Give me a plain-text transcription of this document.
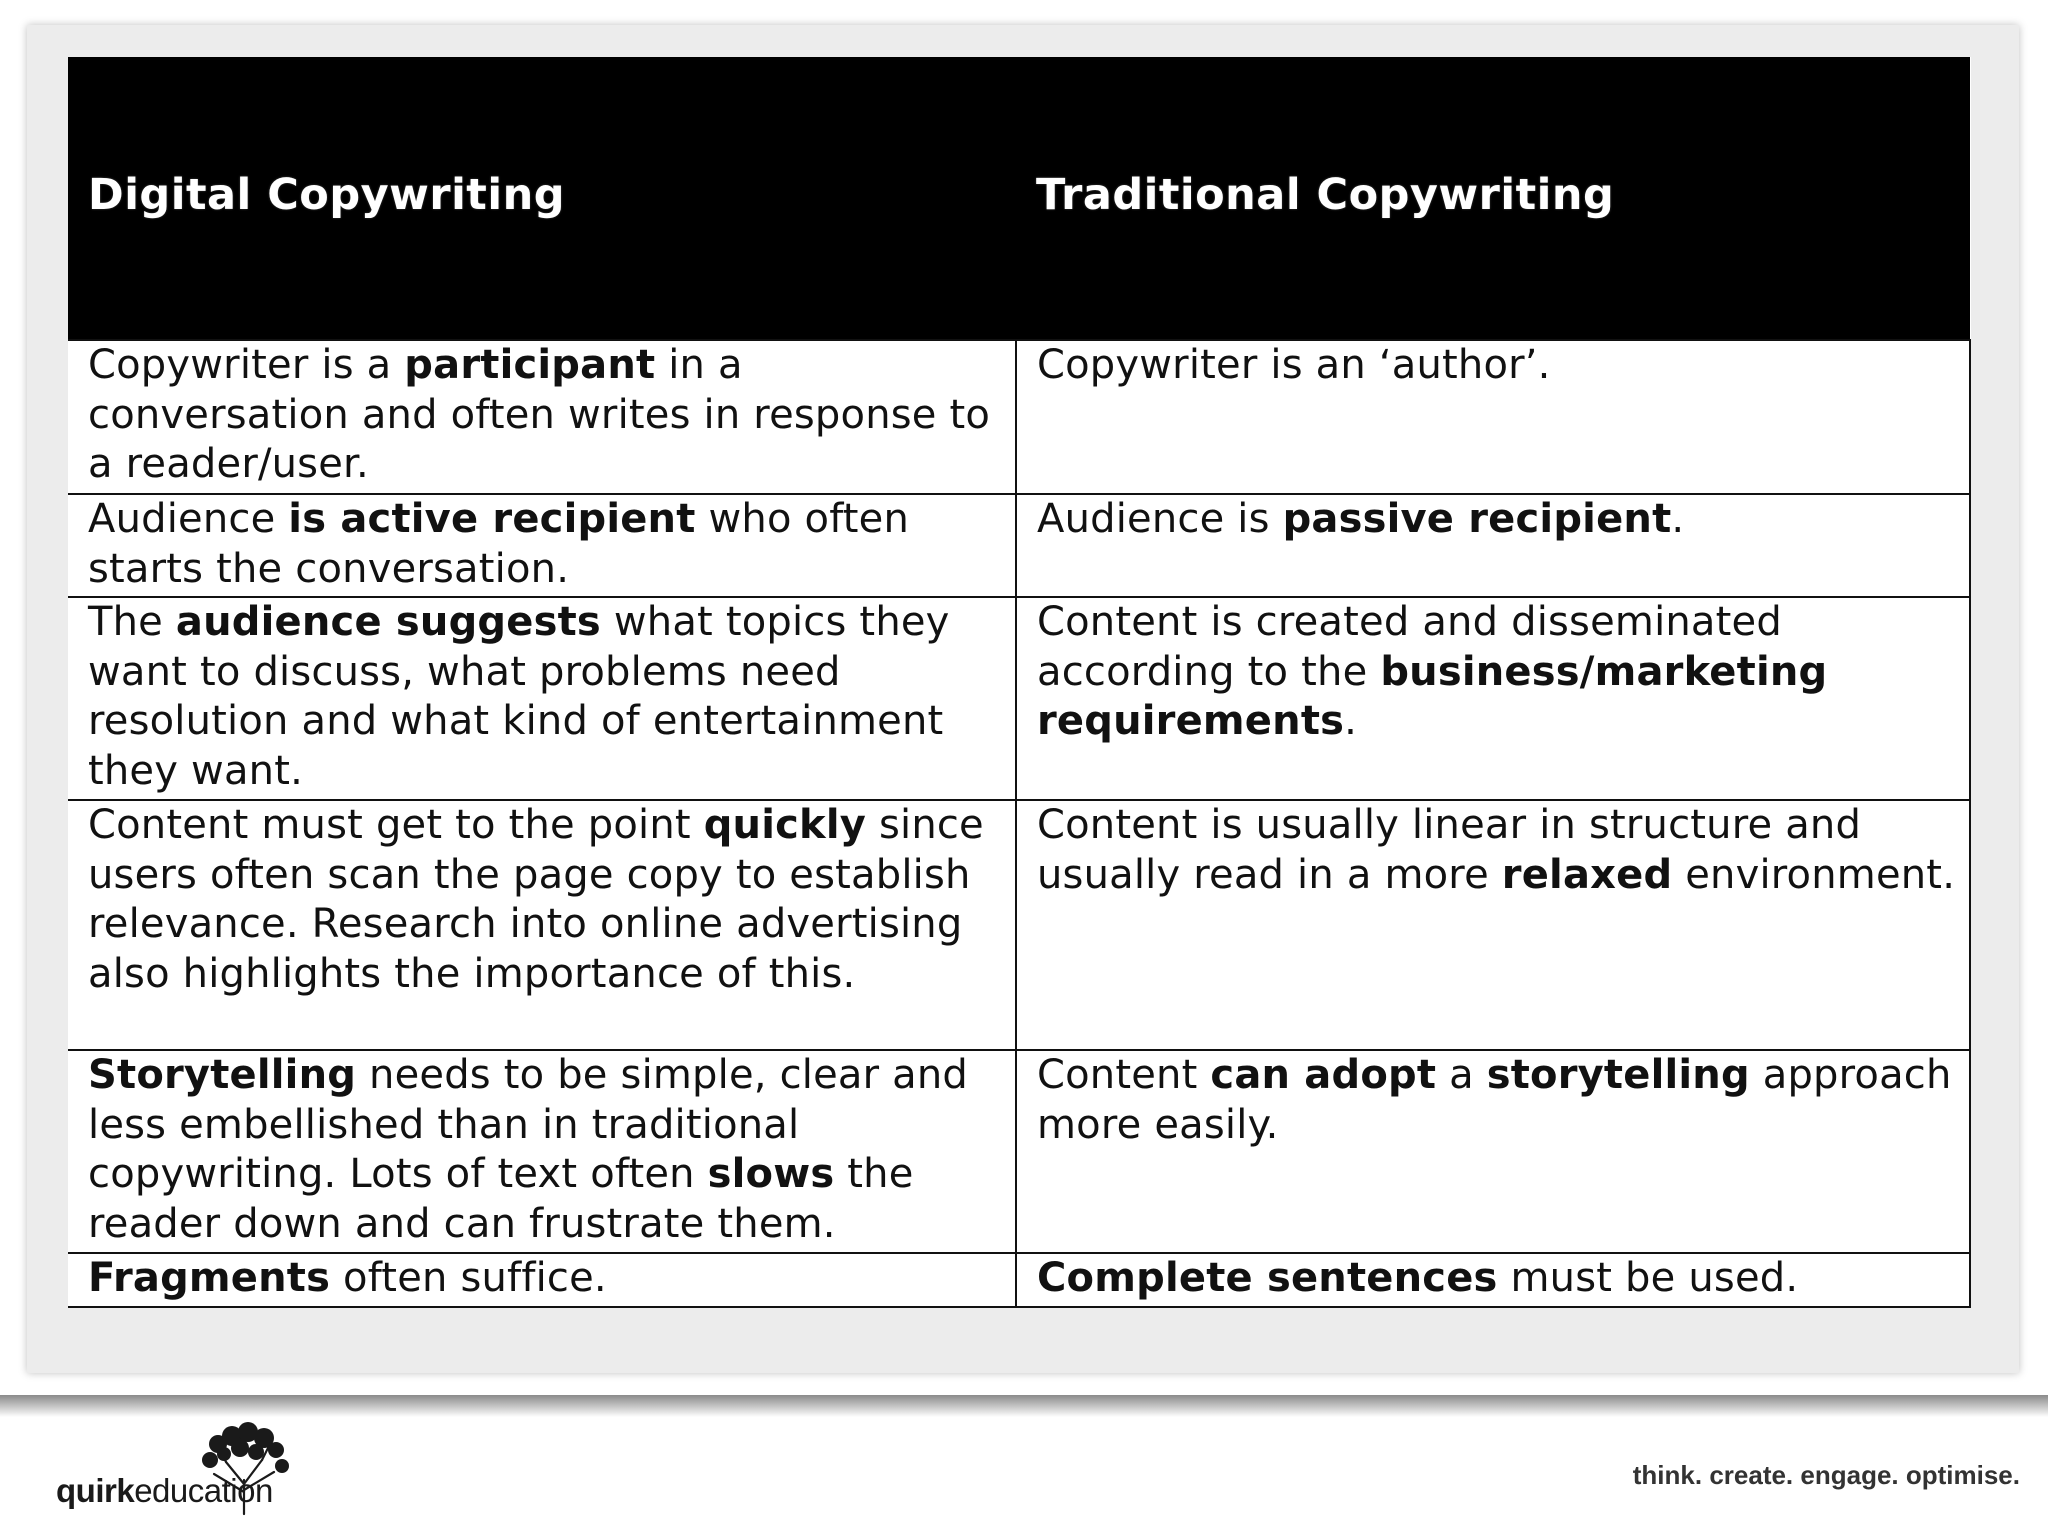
Digital Copywriting	Traditional Copywriting
Copywriter is a participant in a conversation and often writes in response to a reader/user.	Copywriter is an ‘author’.
Audience is active recipient who often starts the conversation.	Audience is passive recipient.
The audience suggests what topics they want to discuss, what problems need resolution and what kind of entertainment they want.	Content is created and disseminated according to the business/marketing requirements.
Content must get to the point quickly since users often scan the page copy to establish relevance. Research into online advertising also highlights the importance of this.	Content is usually linear in structure and usually read in a more relaxed environment.
Storytelling needs to be simple, clear and less embellished than in traditional copywriting. Lots of text often slows the reader down and can frustrate them.	Content can adopt a storytelling approach more easily.
Fragments often suffice.	Complete sentences must be used.
quirkeducation	think. create. engage. optimise.
